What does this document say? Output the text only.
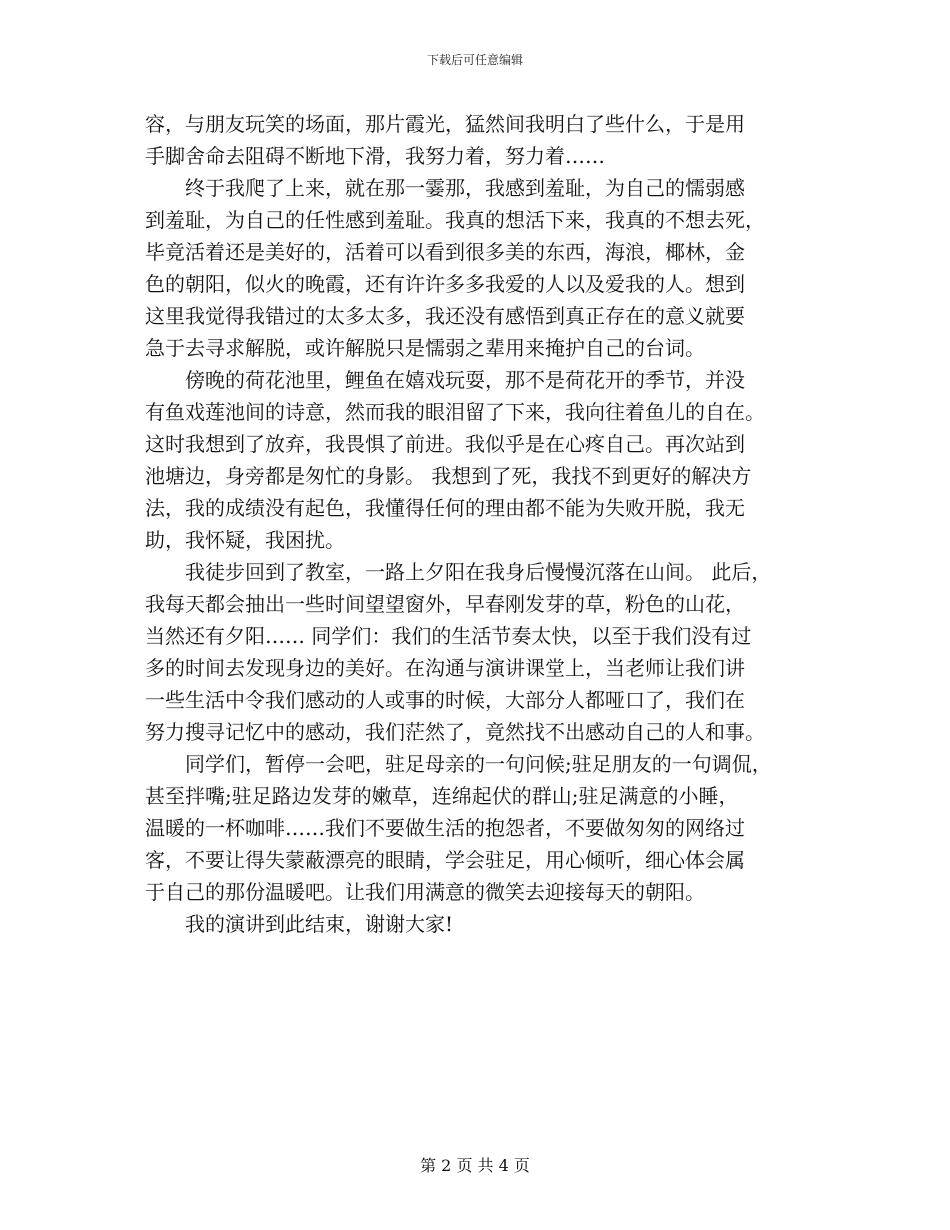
下载后可任意编辑
容，与朋友玩笑的场面，那片霞光，猛然间我明白了些什么，于是用
手脚舍命去阻碍不断地下滑，我努力着，努力着……
终于我爬了上来，就在那一霎那，我感到羞耻，为自己的懦弱感
到羞耻，为自己的任性感到羞耻。我真的想活下来，我真的不想去死，
毕竟活着还是美好的，活着可以看到很多美的东西，海浪，椰林，金
色的朝阳，似火的晚霞，还有许许多多我爱的人以及爱我的人。想到
这里我觉得我错过的太多太多，我还没有感悟到真正存在的意义就要
急于去寻求解脱，或许解脱只是懦弱之辈用来掩护自己的台词。
傍晚的荷花池里，鲤鱼在嬉戏玩耍，那不是荷花开的季节，并没
有鱼戏莲池间的诗意，然而我的眼泪留了下来，我向往着鱼儿的自在。
这时我想到了放弃，我畏惧了前进。我似乎是在心疼自己。再次站到
池塘边，身旁都是匆忙的身影。 我想到了死，我找不到更好的解决方
法，我的成绩没有起色，我懂得任何的理由都不能为失败开脱，我无
助，我怀疑，我困扰。
我徒步回到了教室，一路上夕阳在我身后慢慢沉落在山间。 此后，
我每天都会抽出一些时间望望窗外，早春刚发芽的草，粉色的山花，
当然还有夕阳…… 同学们：我们的生活节奏太快，以至于我们没有过
多的时间去发现身边的美好。在沟通与演讲课堂上，当老师让我们讲
一些生活中令我们感动的人或事的时候，大部分人都哑口了，我们在
努力搜寻记忆中的感动，我们茫然了，竟然找不出感动自己的人和事。
同学们，暂停一会吧，驻足母亲的一句问候;驻足朋友的一句调侃，
甚至拌嘴;驻足路边发芽的嫩草，连绵起伏的群山;驻足满意的小睡，
温暖的一杯咖啡……我们不要做生活的抱怨者，不要做匆匆的网络过
客，不要让得失蒙蔽漂亮的眼睛，学会驻足，用心倾听，细心体会属
于自己的那份温暖吧。让我们用满意的微笑去迎接每天的朝阳。
我的演讲到此结束，谢谢大家!
第 2 页 共 4 页
